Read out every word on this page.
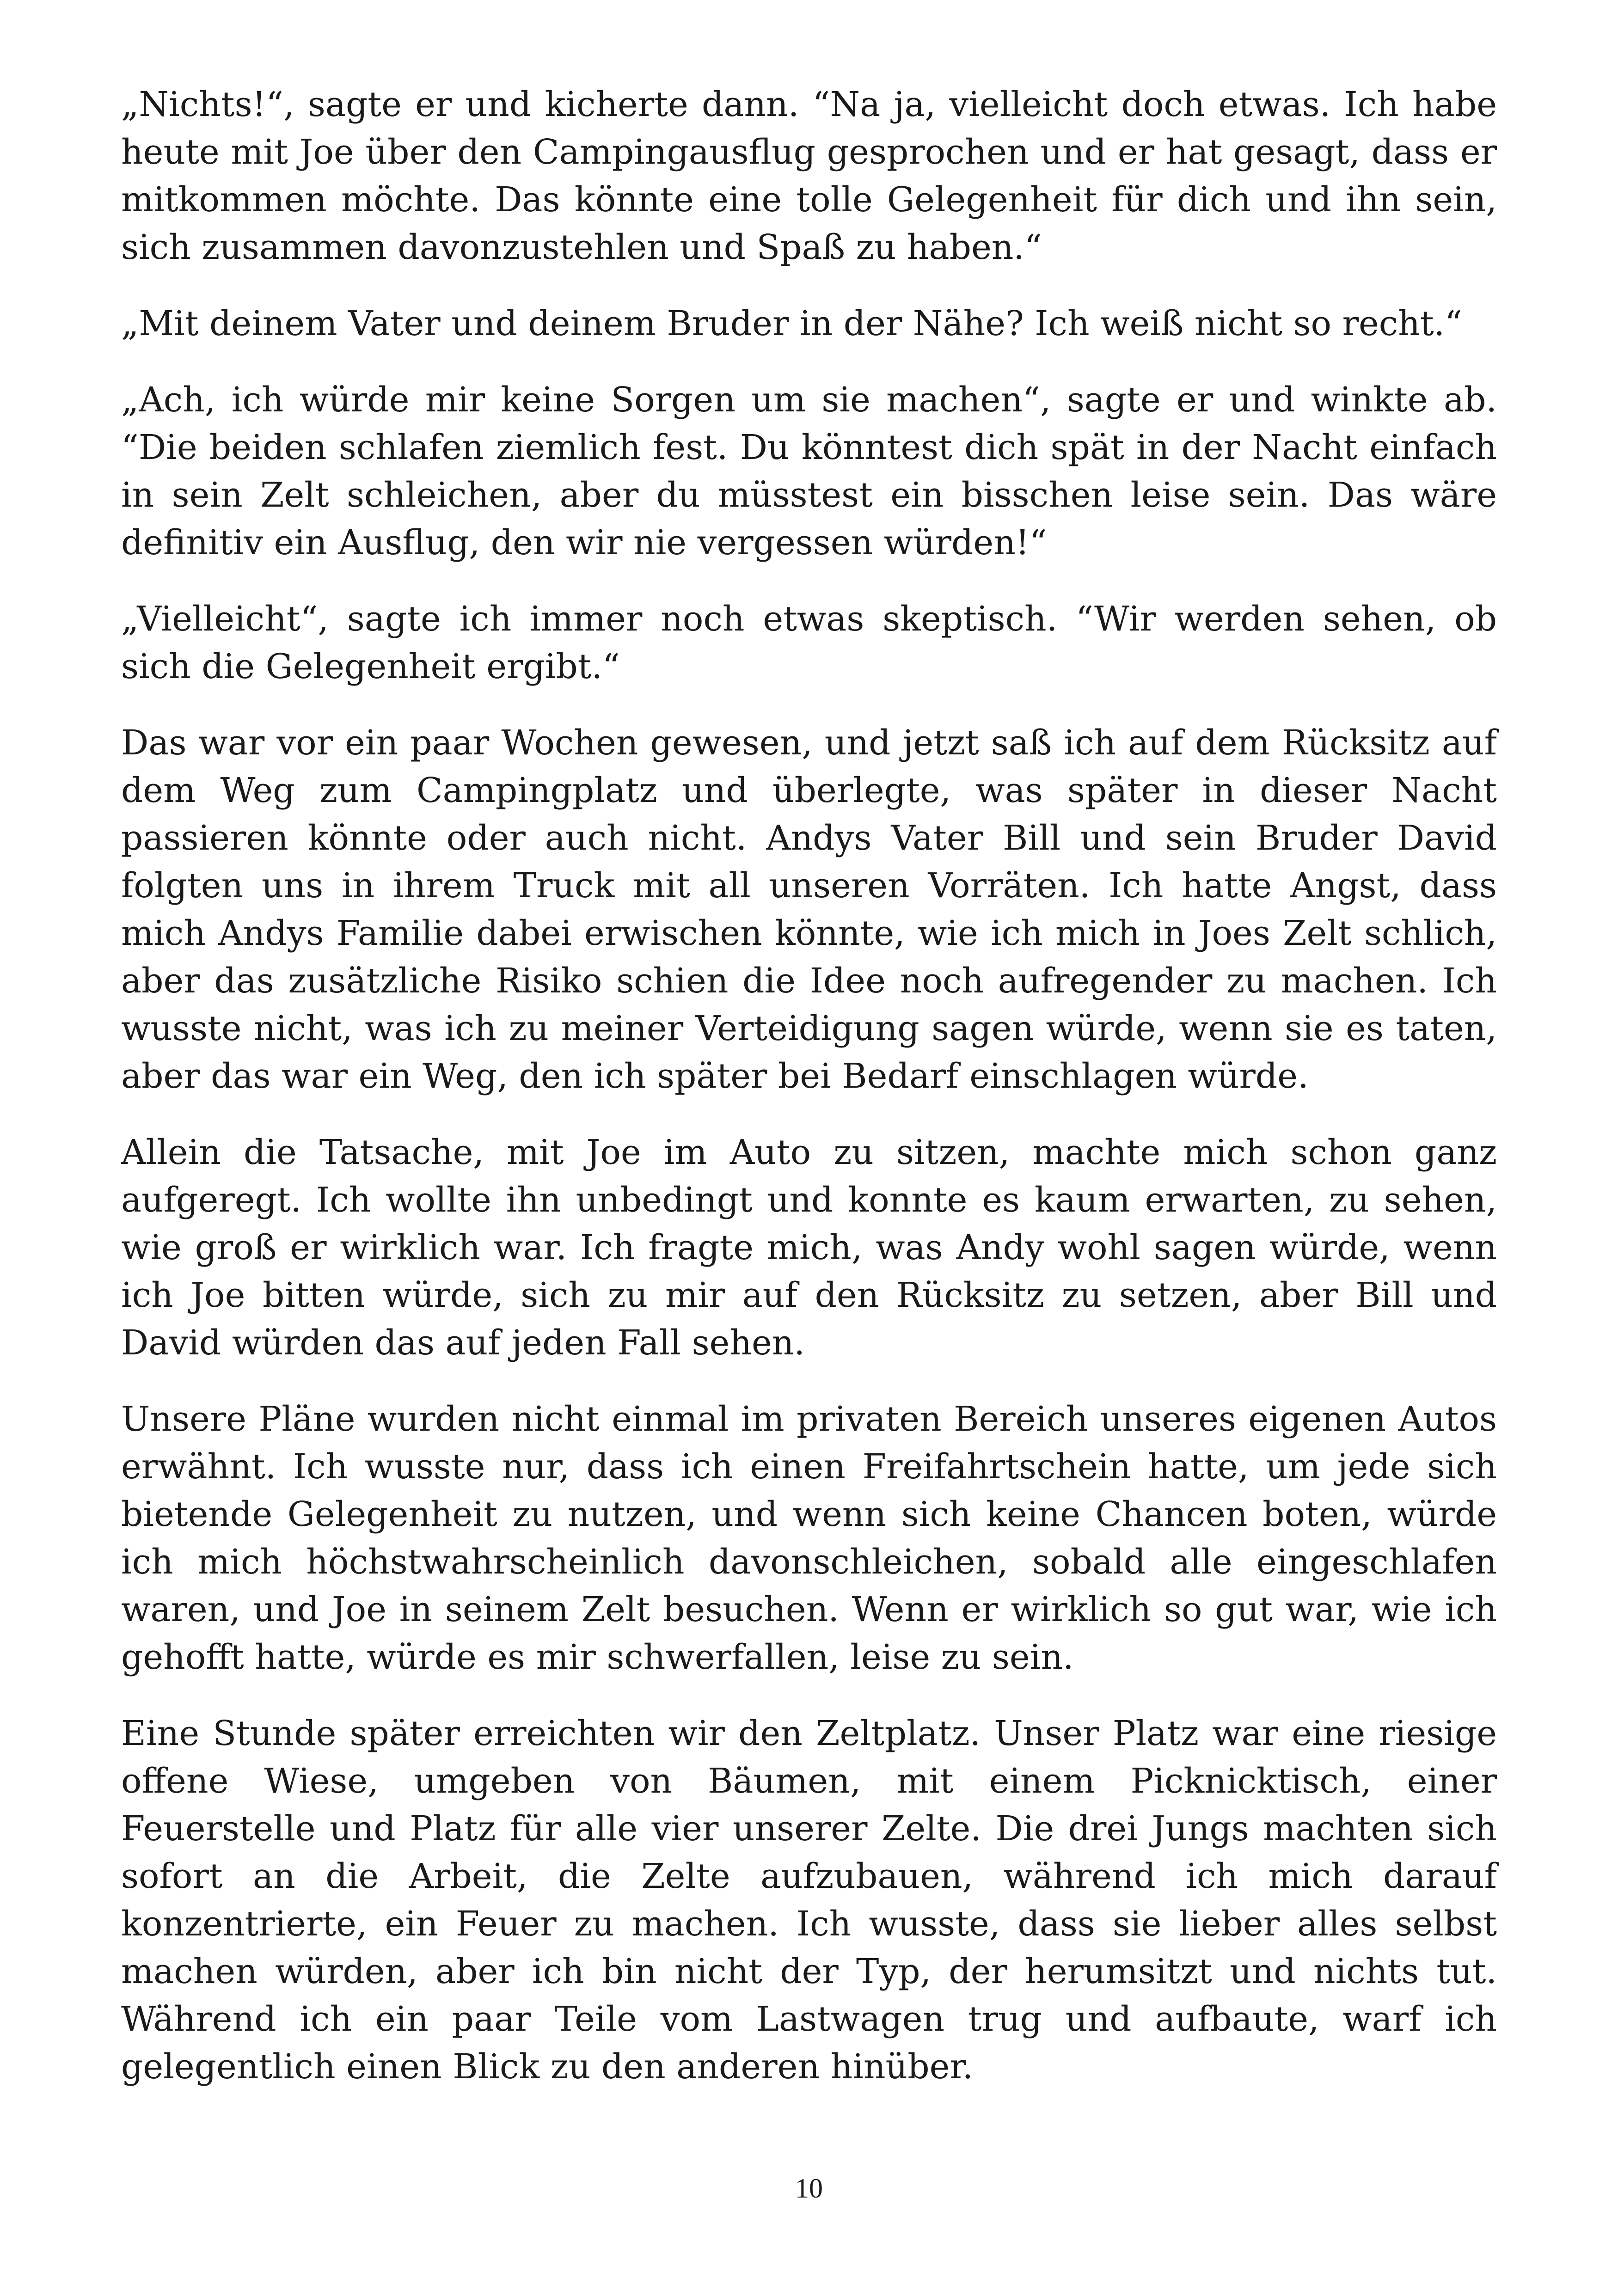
„Nichts!“, sagte er und kicherte dann. “Na ja, vielleicht doch etwas. Ich habe heute mit Joe über den Campingausflug gesprochen und er hat gesagt, dass er mitkommen möchte. Das könnte eine tolle Gelegenheit für dich und ihn sein, sich zusammen davonzustehlen und Spaß zu haben.“

„Mit deinem Vater und deinem Bruder in der Nähe? Ich weiß nicht so recht.“

„Ach, ich würde mir keine Sorgen um sie machen“, sagte er und winkte ab. “Die beiden schlafen ziemlich fest. Du könntest dich spät in der Nacht einfach in sein Zelt schleichen, aber du müsstest ein bisschen leise sein. Das wäre definitiv ein Ausflug, den wir nie vergessen würden!“

„Vielleicht“, sagte ich immer noch etwas skeptisch. “Wir werden sehen, ob sich die Gelegenheit ergibt.“

Das war vor ein paar Wochen gewesen, und jetzt saß ich auf dem Rücksitz auf dem Weg zum Campingplatz und überlegte, was später in dieser Nacht passieren könnte oder auch nicht. Andys Vater Bill und sein Bruder David folgten uns in ihrem Truck mit all unseren Vorräten. Ich hatte Angst, dass mich Andys Familie dabei erwischen könnte, wie ich mich in Joes Zelt schlich, aber das zusätzliche Risiko schien die Idee noch aufregender zu machen. Ich wusste nicht, was ich zu meiner Verteidigung sagen würde, wenn sie es taten, aber das war ein Weg, den ich später bei Bedarf einschlagen würde.

Allein die Tatsache, mit Joe im Auto zu sitzen, machte mich schon ganz aufgeregt. Ich wollte ihn unbedingt und konnte es kaum erwarten, zu sehen, wie groß er wirklich war. Ich fragte mich, was Andy wohl sagen würde, wenn ich Joe bitten würde, sich zu mir auf den Rücksitz zu setzen, aber Bill und David würden das auf jeden Fall sehen.

Unsere Pläne wurden nicht einmal im privaten Bereich unseres eigenen Autos erwähnt. Ich wusste nur, dass ich einen Freifahrtschein hatte, um jede sich bietende Gelegenheit zu nutzen, und wenn sich keine Chancen boten, würde ich mich höchstwahrscheinlich davonschleichen, sobald alle eingeschlafen waren, und Joe in seinem Zelt besuchen. Wenn er wirklich so gut war, wie ich gehofft hatte, würde es mir schwerfallen, leise zu sein.

Eine Stunde später erreichten wir den Zeltplatz. Unser Platz war eine riesige offene Wiese, umgeben von Bäumen, mit einem Picknicktisch, einer Feuerstelle und Platz für alle vier unserer Zelte. Die drei Jungs machten sich sofort an die Arbeit, die Zelte aufzubauen, während ich mich darauf konzentrierte, ein Feuer zu machen. Ich wusste, dass sie lieber alles selbst machen würden, aber ich bin nicht der Typ, der herumsitzt und nichts tut. Während ich ein paar Teile vom Lastwagen trug und aufbaute, warf ich gelegentlich einen Blick zu den anderen hinüber.

10
